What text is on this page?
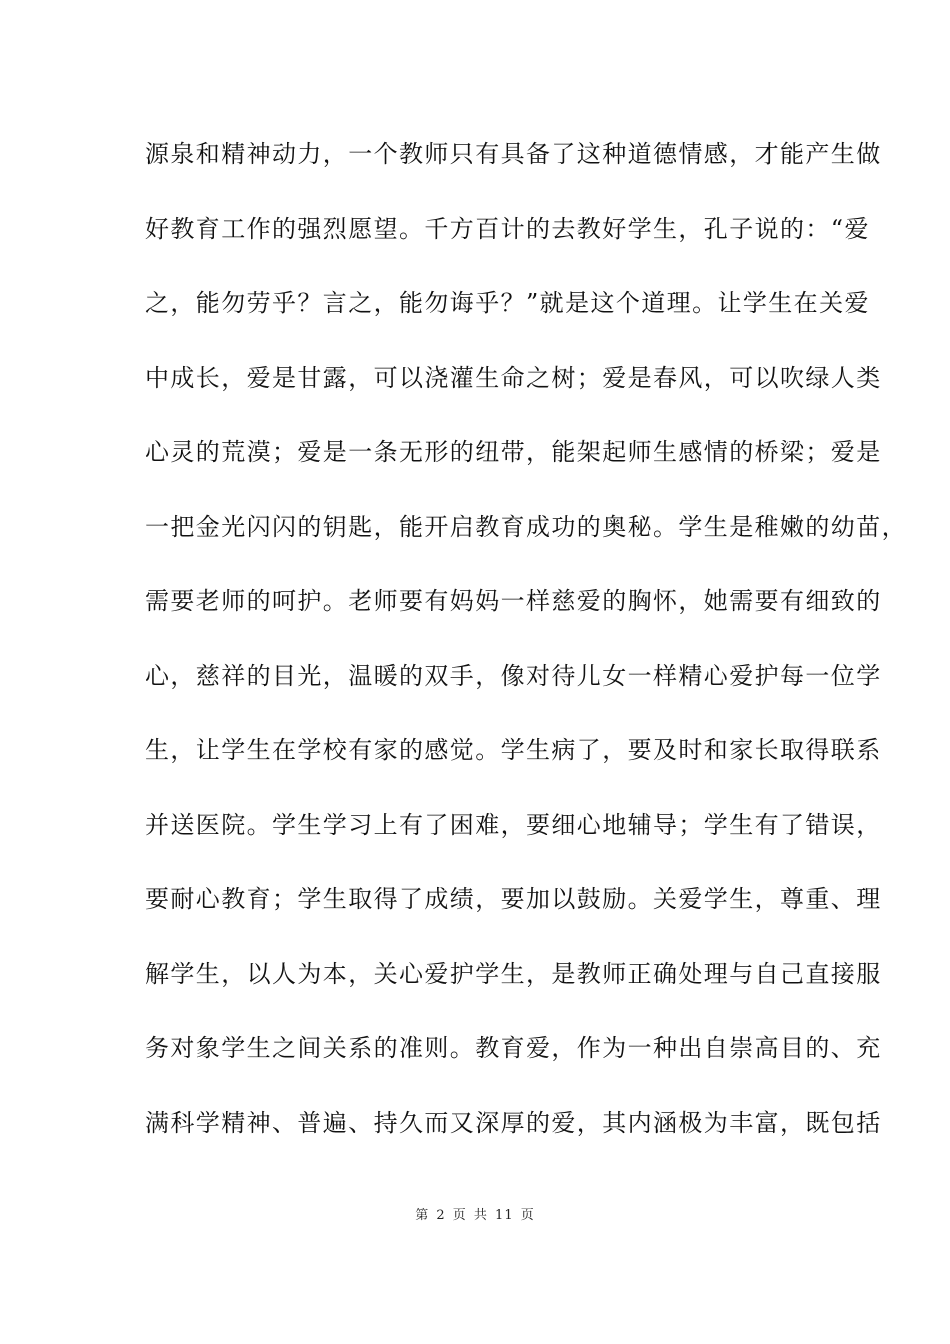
源泉和精神动力，一个教师只有具备了这种道德情感，才能产生做
好教育工作的强烈愿望。千方百计的去教好学生，孔子说的：“爱
之，能勿劳乎？言之，能勿诲乎？”就是这个道理。让学生在关爱
中成长，爱是甘露，可以浇灌生命之树；爱是春风，可以吹绿人类
心灵的荒漠；爱是一条无形的纽带，能架起师生感情的桥梁；爱是
一把金光闪闪的钥匙，能开启教育成功的奥秘。学生是稚嫩的幼苗，
需要老师的呵护。老师要有妈妈一样慈爱的胸怀，她需要有细致的
心，慈祥的目光，温暖的双手，像对待儿女一样精心爱护每一位学
生，让学生在学校有家的感觉。学生病了，要及时和家长取得联系
并送医院。学生学习上有了困难，要细心地辅导；学生有了错误，
要耐心教育；学生取得了成绩，要加以鼓励。关爱学生，尊重、理
解学生，以人为本，关心爱护学生，是教师正确处理与自己直接服
务对象学生之间关系的准则。教育爱，作为一种出自崇高目的、充
满科学精神、普遍、持久而又深厚的爱，其内涵极为丰富，既包括
第 2 页 共 11 页
